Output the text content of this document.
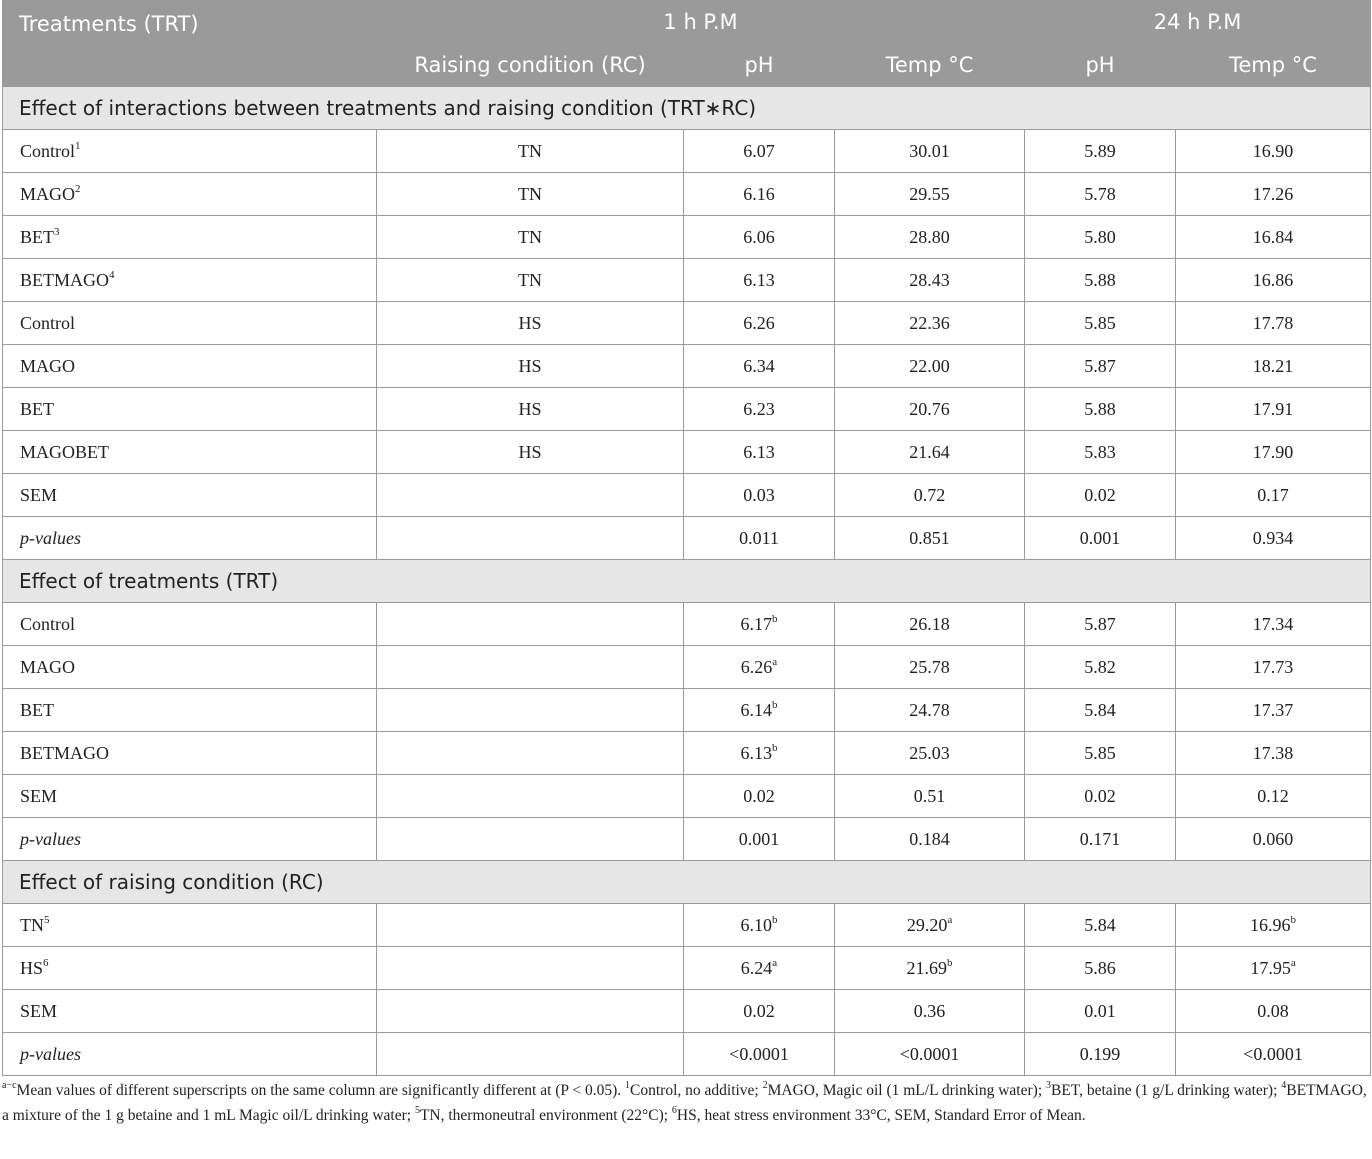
Treatments (TRT)	1 h P.M			24 h P.M	
	Raising condition (RC)	pH	Temp °C	pH	Temp °C
Effect of interactions between treatments and raising condition (TRT∗RC)					
Control$^1$	TN	6.07	30.01	5.89	16.90
MAGO$^2$	TN	6.16	29.55	5.78	17.26
BET$^3$	TN	6.06	28.80	5.80	16.84
BETMAGO$^4$	TN	6.13	28.43	5.88	16.86
Control	HS	6.26	22.36	5.85	17.78
MAGO	HS	6.34	22.00	5.87	18.21
BET	HS	6.23	20.76	5.88	17.91
MAGOBET	HS	6.13	21.64	5.83	17.90
SEM		0.03	0.72	0.02	0.17
p-values		0.011	0.851	0.001	0.934
Effect of treatments (TRT)					
Control		6.17$^b$	26.18	5.87	17.34
MAGO		6.26$^a$	25.78	5.82	17.73
BET		6.14$^b$	24.78	5.84	17.37
BETMAGO		6.13$^b$	25.03	5.85	17.38
SEM		0.02	0.51	0.02	0.12
p-values		0.001	0.184	0.171	0.060
Effect of raising condition (RC)					
$TN^5$		6.10$^b$	29.20$^a$	5.84	16.96$^b$
$HS^6$		6.24$^a$	21.69$^b$	5.86	17.95$^a$
SEM		0.02	0.36	0.01	0.08
p-values		<0.0001	<0.0001	0.199	<0.0001
$^{a-c}$Mean values of different superscripts on the same column are significantly different at (P < 0.05). $^1$Control, no additive; $^2$MAGO, Magic oil (1 mL/L drinking water); $^3$BET, betaine (1 g/L drinking water); $^4$BETMAGO, a mixture of the 1 g betaine and 1 mL Magic oil/L drinking water; $^5$TN, thermoneutral environment (22°C); $^6$HS, heat stress environment 33°C, SEM, Standard Error of Mean.
